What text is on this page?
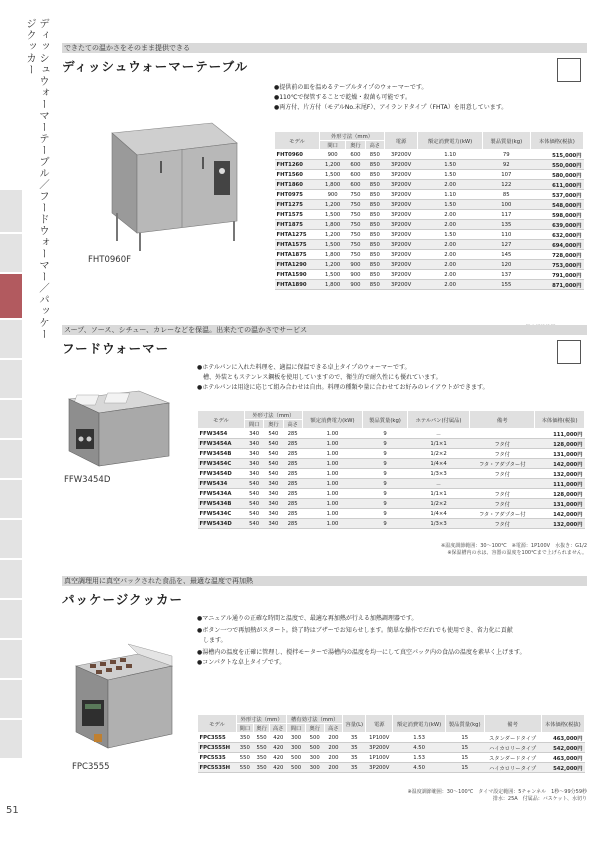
ディッシュウォーマーテーブル／フードウォーマー／パッケージクッカー
51
できたての温かさをそのまま提供できる
ディッシュウォーマーテーブル
FHT0960F
●提供前の皿を温めるテーブルタイプのウォーマーです。
●110℃で保管することで乾燥・殺菌も可能です。
●両方付、片方付（モデルNo.末尾F）、アイランドタイプ（FHTA）を用意しています。
モデル	外形寸法（mm）			電源	額定消費電力(kW)	製品質量(kg)	本体価格(税抜)
	間口	奥行	高さ				
FHT0960	900	600	850	3P200V	1.10	79	515,000円
FHT1260	1,200	600	850	3P200V	1.50	92	550,000円
FHT1560	1,500	600	850	3P200V	1.50	107	580,000円
FHT1860	1,800	600	850	3P200V	2.00	122	611,000円
FHT0975	900	750	850	3P200V	1.10	85	537,000円
FHT1275	1,200	750	850	3P200V	1.50	100	548,000円
FHT1575	1,500	750	850	3P200V	2.00	117	598,000円
FHT1875	1,800	750	850	3P200V	2.00	135	639,000円
FHTA1275	1,200	750	850	3P200V	1.50	110	632,000円
FHTA1575	1,500	750	850	3P200V	2.00	127	694,000円
FHTA1875	1,800	750	850	3P200V	2.00	145	728,000円
FHTA1290	1,200	900	850	3P200V	2.00	120	753,000円
FHTA1590	1,500	900	850	3P200V	2.00	137	791,000円
FHTA1890	1,800	900	850	3P200V	2.00	155	871,000円
スープ、ソース、シチュー、カレーなどを保温。出来たての温かさでサービス
フードウォーマー
FFW3454D
●ホテルパンに入れた料理を、適温に保温できる卓上タイプのウォーマーです。
　槽、外装ともステンレス鋼板を使用していますので、衛生的で耐久性にも優れています。
●ホテルパンは用途に応じて組み合わせは自由。料理の種類や量に合わせてお好みのレイアウトができます。
モデル	外形寸法（mm）			額定消費電力(kW)	製品質量(kg)	ホテルパン(付属品)	備考	本体価格(税抜)
	間口	奥行	高さ					
FFW3454	340	540	285	1.00	9	－		111,000円
FFW3454A	340	540	285	1.00	9	1/1×1	フタ付	128,000円
FFW3454B	340	540	285	1.00	9	1/2×2	フタ付	131,000円
FFW3454C	340	540	285	1.00	9	1/4×4	フタ・アダプター付	142,000円
FFW3454D	340	540	285	1.00	9	1/3×3	フタ付	132,000円
FFW5434	540	340	285	1.00	9	－		111,000円
FFW5434A	540	340	285	1.00	9	1/1×1	フタ付	128,000円
FFW5434B	540	340	285	1.00	9	1/2×2	フタ付	131,000円
FFW5434C	540	340	285	1.00	9	1/4×4	フタ・アダプター付	142,000円
FFW5434D	540	340	285	1.00	9	1/3×3	フタ付	132,000円
※温度調節範囲：30～100℃　※電源：1P100V　水抜き：G1/2
※保温槽内の水は、容器の温度を100℃まで上げられません。
真空調理用に真空パックされた食品を、最適な温度で再加熱
パッケージクッカー
FPC3555
●マニュアル通りの正確な時間と温度で、最適な再加熱が行える加熱調理器です。
●ボタン一つで再加熱がスタート。終了時はブザーでお知らせします。簡単な操作でだれでも使用でき、省力化に貢献
　します。
●湯槽内の温度を正確に管理し、撹拌モーターで湯槽内の温度を均一にして真空パック内の食品の温度を素早く上げます。
●コンパクトな卓上タイプです。
モデル	外形寸法（mm）			槽有効寸法（mm）			容量(L)	電源	額定消費電力(kW)	製品質量(kg)	備考	本体価格(税抜)
	間口	奥行	高さ	間口	奥行	高さ						
FPC3555	350	550	420	300	500	200	35	1P100V	1.53	15	スタンダードタイプ	463,000円
FPC3555H	350	550	420	300	500	200	35	3P200V	4.50	15	ハイカロリータイプ	542,000円
FPC5535	550	350	420	500	300	200	35	1P100V	1.53	15	スタンダードタイプ	463,000円
FPC5535H	550	350	420	500	300	200	35	3P200V	4.50	15	ハイカロリータイプ	542,000円
※温度調節範囲：30～100℃　タイマ設定範囲：5チャンネル　1秒～99分59秒
排水：25A　付属品：バスケット、水切り
